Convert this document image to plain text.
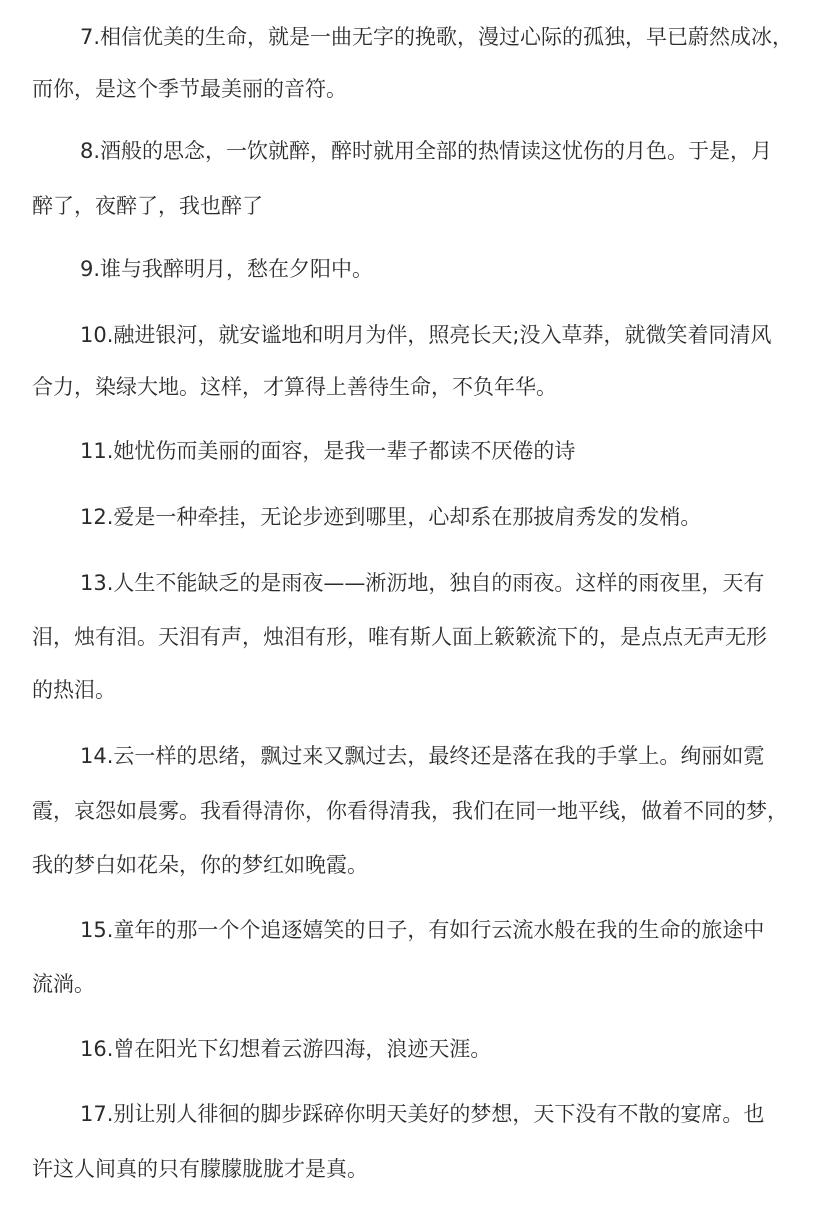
7.相信优美的生命，就是一曲无字的挽歌，漫过心际的孤独，早已蔚然成冰，
而你，是这个季节最美丽的音符。
8.酒般的思念，一饮就醉，醉时就用全部的热情读这忧伤的月色。于是，月
醉了，夜醉了，我也醉了
9.谁与我醉明月，愁在夕阳中。
10.融进银河，就安谧地和明月为伴，照亮长天;没入草莽，就微笑着同清风
合力，染绿大地。这样，才算得上善待生命，不负年华。
11.她忧伤而美丽的面容，是我一辈子都读不厌倦的诗
12.爱是一种牵挂，无论步迹到哪里，心却系在那披肩秀发的发梢。
13.人生不能缺乏的是雨夜——淅沥地，独自的雨夜。这样的雨夜里，天有
泪，烛有泪。天泪有声，烛泪有形，唯有斯人面上簌簌流下的，是点点无声无形
的热泪。
14.云一样的思绪，飘过来又飘过去，最终还是落在我的手掌上。绚丽如霓
霞，哀怨如晨雾。我看得清你，你看得清我，我们在同一地平线，做着不同的梦，
我的梦白如花朵，你的梦红如晚霞。
15.童年的那一个个追逐嬉笑的日子，有如行云流水般在我的生命的旅途中
流淌。
16.曾在阳光下幻想着云游四海，浪迹天涯。
17.别让别人徘徊的脚步踩碎你明天美好的梦想，天下没有不散的宴席。也
许这人间真的只有朦朦胧胧才是真。
